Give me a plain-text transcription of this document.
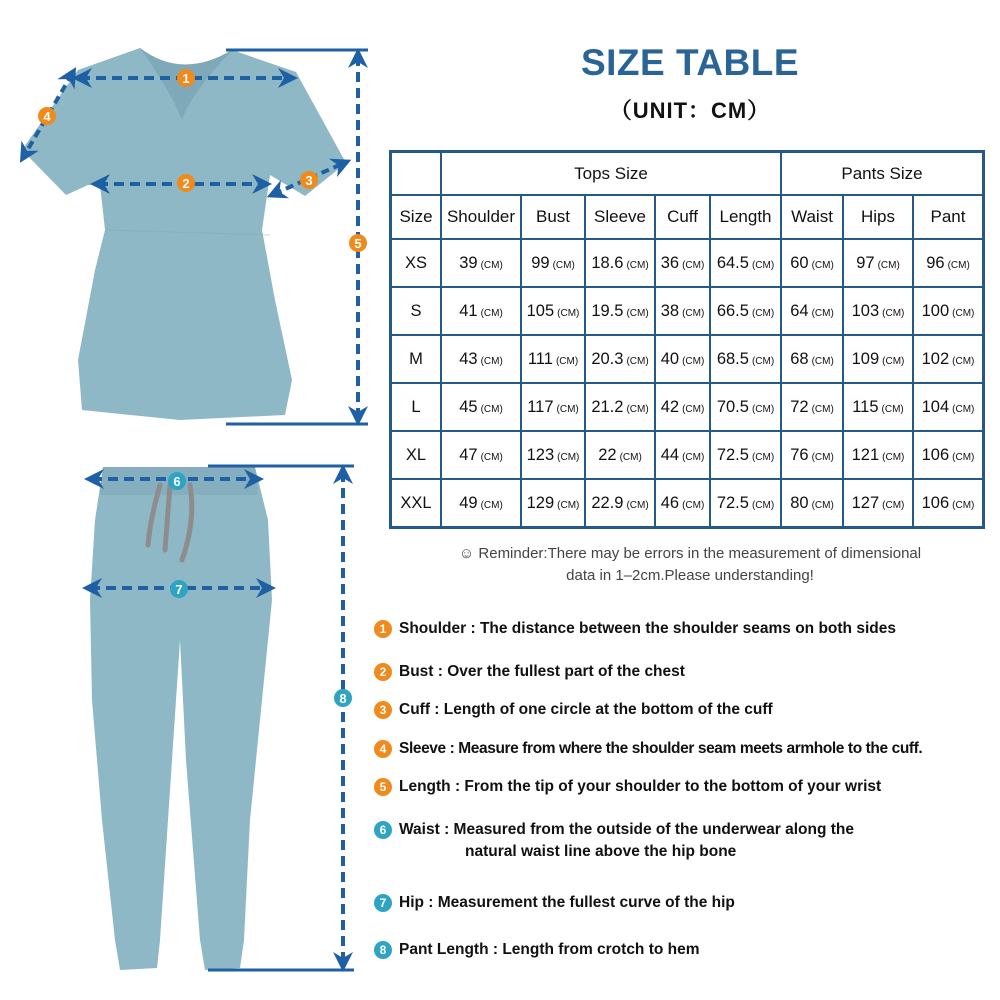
1
2	3
4
5
6
7
8
SIZE TABLE
（UNIT：CM）
	Tops Size					Pants Size		
Size	Shoulder	Bust	Sleeve	Cuff	Length	Waist	Hips	Pant
XS	39 (CM)	99 (CM)	18.6 (CM)	36 (CM)	64.5 (CM)	60 (CM)	97 (CM)	96 (CM)
S	41 (CM)	105 (CM)	19.5 (CM)	38 (CM)	66.5 (CM)	64 (CM)	103 (CM)	100 (CM)
M	43 (CM)	111 (CM)	20.3 (CM)	40 (CM)	68.5 (CM)	68 (CM)	109 (CM)	102 (CM)
L	45 (CM)	117 (CM)	21.2 (CM)	42 (CM)	70.5 (CM)	72 (CM)	115 (CM)	104 (CM)
XL	47 (CM)	123 (CM)	22 (CM)	44 (CM)	72.5 (CM)	76 (CM)	121 (CM)	106 (CM)
XXL	49 (CM)	129 (CM)	22.9 (CM)	46 (CM)	72.5 (CM)	80 (CM)	127 (CM)	106 (CM)
☺ Reminder:There may be errors in the measurement of dimensional
data in 1–2cm.Please understanding!
1 Shoulder : The distance between the shoulder seams on both sides
2 Bust : Over the fullest part of the chest
3 Cuff : Length of one circle at the bottom of the cuff
4 Sleeve : Measure from where the shoulder seam meets armhole to the cuff.
5 Length : From the tip of your shoulder to the bottom of your wrist
6 Waist : Measured from the outside of the underwear along the
natural waist line above the hip bone
7 Hip : Measurement the fullest curve of the hip
8 Pant Length : Length from crotch to hem
